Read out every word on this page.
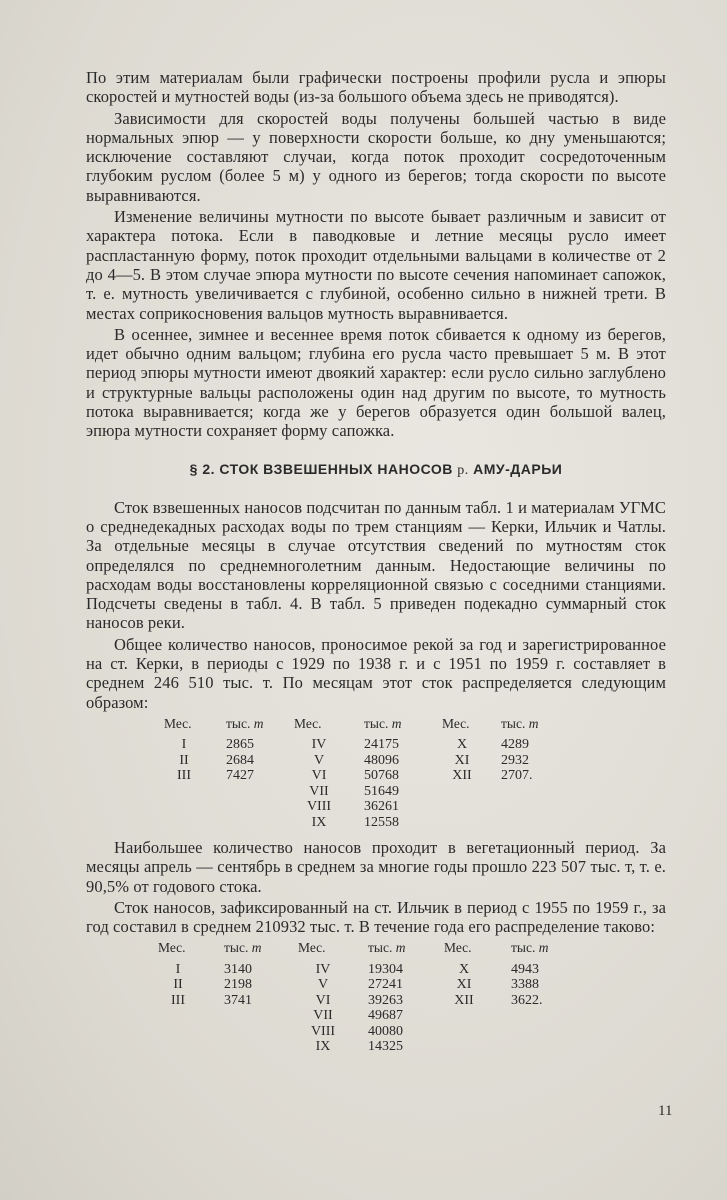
По этим материалам были графически построены профили русла и эпюры скоростей и мутностей воды (из-за большого объема здесь не приводятся).

Зависимости для скоростей воды получены большей частью в виде нормальных эпюр — у поверхности скорости больше, ко дну уменьшаются; исключение составляют случаи, когда поток проходит сосредоточенным глубоким руслом (более 5 м) у одного из берегов; тогда скорости по высоте выравниваются.

Изменение величины мутности по высоте бывает различным и зависит от характера потока. Если в паводковые и летние месяцы русло имеет распластанную форму, поток проходит отдельными вальцами в количестве от 2 до 4—5. В этом случае эпюра мутности по высоте сечения напоминает сапожок, т. е. мутность увеличивается с глубиной, особенно сильно в нижней трети. В местах соприкосновения вальцов мутность выравнивается.

В осеннее, зимнее и весеннее время поток сбивается к одному из берегов, идет обычно одним вальцом; глубина его русла часто превышает 5 м. В этот период эпюры мутности имеют двоякий характер: если русло сильно заглублено и структурные вальцы расположены один над другим по высоте, то мутность потока выравнивается; когда же у берегов образуется один большой валец, эпюра мутности сохраняет форму сапожка.

§ 2. СТОК ВЗВЕШЕННЫХ НАНОСОВ р. АМУ-ДАРЬИ

Сток взвешенных наносов подсчитан по данным табл. 1 и материалам УГМС о среднедекадных расходах воды по трем станциям — Керки, Ильчик и Чатлы. За отдельные месяцы в случае отсутствия сведений по мутностям сток определялся по среднемноголетним данным. Недостающие величины по расходам воды восстановлены корреляционной связью с соседними станциями. Подсчеты сведены в табл. 4. В табл. 5 приведен подекадно суммарный сток наносов реки.

Общее количество наносов, проносимое рекой за год и зарегистрированное на ст. Керки, в периоды с 1929 по 1938 г. и с 1951 по 1959 г. составляет в среднем 246 510 тыс. т. По месяцам этот сток распределяется следующим образом:

Мес.
I
II
III
тыс. т
2865
2684
7427
Мес.
IV
V
VI
VII
VIII
IX
тыс. т
24175
48096
50768
51649
36261
12558
Мес.
X
XI
XII
тыс. т
4289
2932
2707.

Наибольшее количество наносов проходит в вегетационный период. За месяцы апрель — сентябрь в среднем за многие годы прошло 223 507 тыс. т, т. е. 90,5% от годового стока.

Сток наносов, зафиксированный на ст. Ильчик в период с 1955 по 1959 г., за год составил в среднем 210932 тыс. т. В течение года его распределение таково:

Мес.
I
II
III
тыс. т
3140
2198
3741
Мес.
IV
V
VI
VII
VIII
IX
тыс. т
19304
27241
39263
49687
40080
14325
Мес.
X
XI
XII
тыс. т
4943
3388
3622.
11
